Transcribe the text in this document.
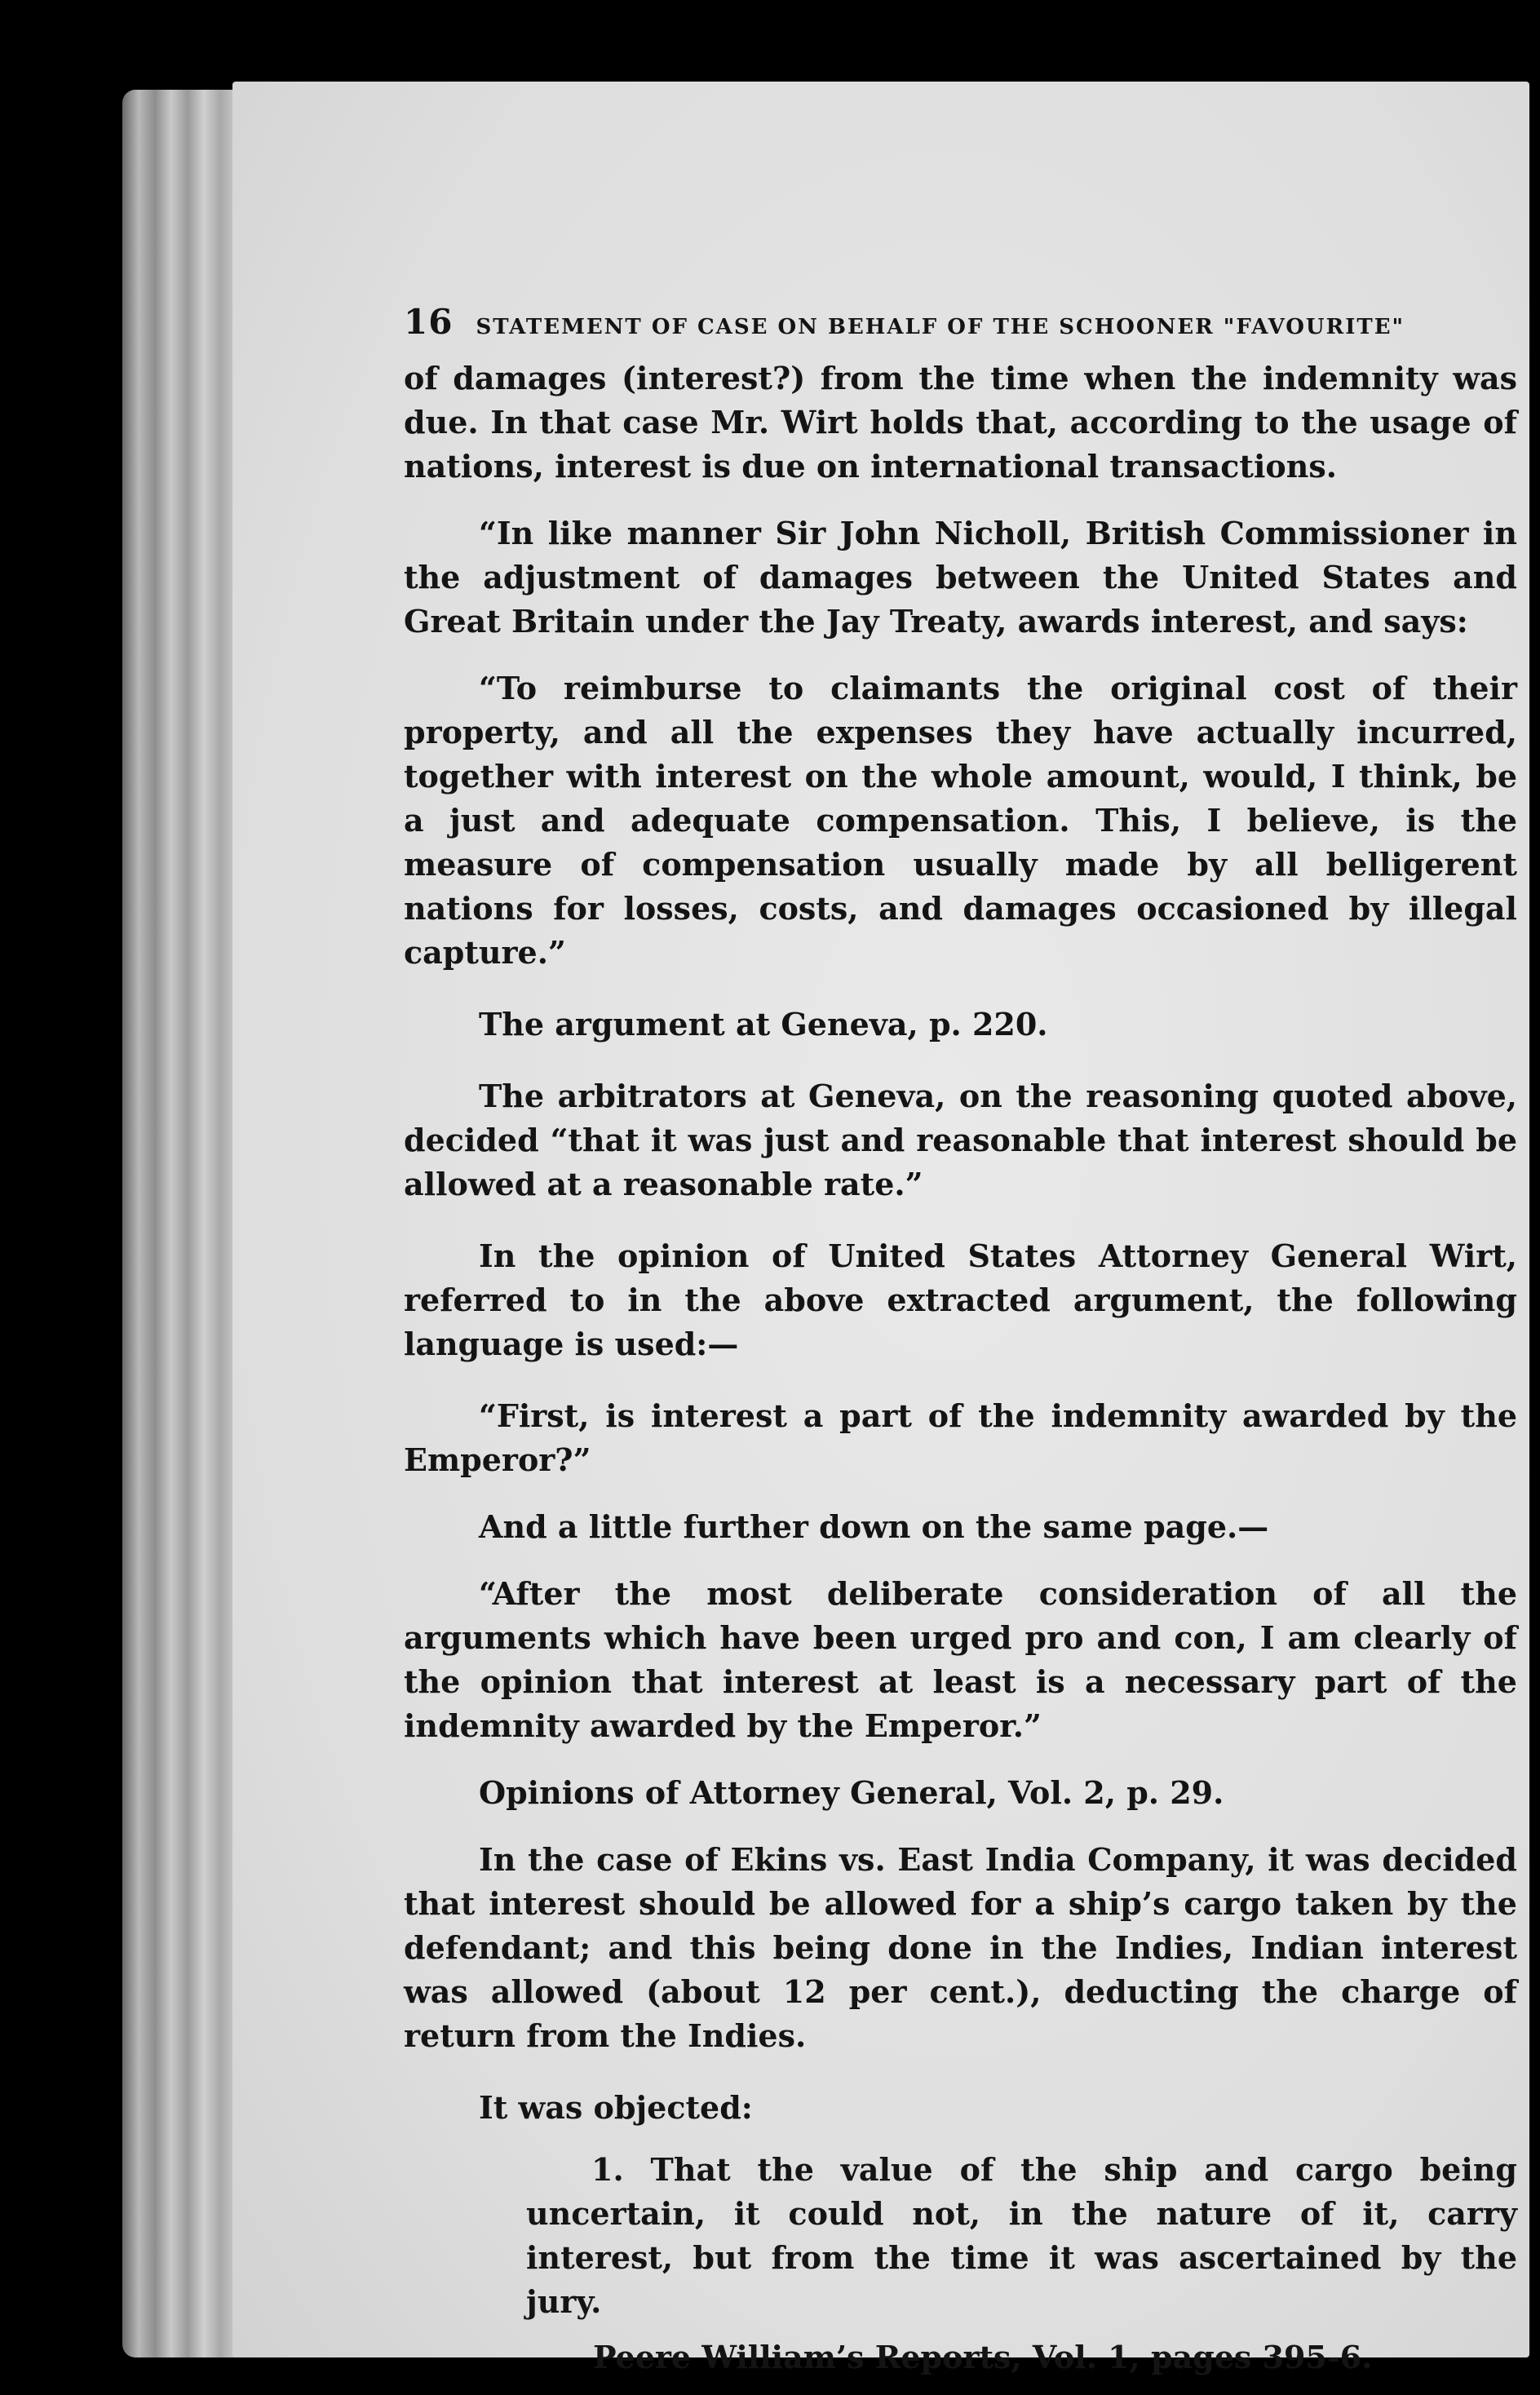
16 STATEMENT OF CASE ON BEHALF OF THE SCHOONER "FAVOURITE"

of damages (interest?) from the time when the indemnity was due. In that case Mr. Wirt holds that, according to the usage of nations, interest is due on international transactions.

“In like manner Sir John Nicholl, British Commissioner in the adjustment of damages between the United States and Great Britain under the Jay Treaty, awards interest, and says:

“To reimburse to claimants the original cost of their property, and all the expenses they have actually incurred, together with interest on the whole amount, would, I think, be a just and adequate compensation. This, I believe, is the measure of compensation usually made by all belligerent nations for losses, costs, and damages occasioned by illegal capture.”

The argument at Geneva, p. 220.

The arbitrators at Geneva, on the reasoning quoted above, decided “that it was just and reasonable that interest should be allowed at a reasonable rate.”

In the opinion of United States Attorney General Wirt, referred to in the above extracted argument, the following language is used:—

“First, is interest a part of the indemnity awarded by the Emperor?”

And a little further down on the same page.—

“After the most deliberate consideration of all the arguments which have been urged pro and con, I am clearly of the opinion that interest at least is a necessary part of the indemnity awarded by the Emperor.”

Opinions of Attorney General, Vol. 2, p. 29.

In the case of Ekins vs. East India Company, it was decided that interest should be allowed for a ship’s cargo taken by the defendant; and this being done in the Indies, Indian interest was allowed (about 12 per cent.), deducting the charge of return from the Indies.

It was objected:

1. That the value of the ship and cargo being uncertain, it could not, in the nature of it, carry interest, but from the time it was ascertained by the jury.

Peere William’s Reports, Vol. 1, pages 395-6.
